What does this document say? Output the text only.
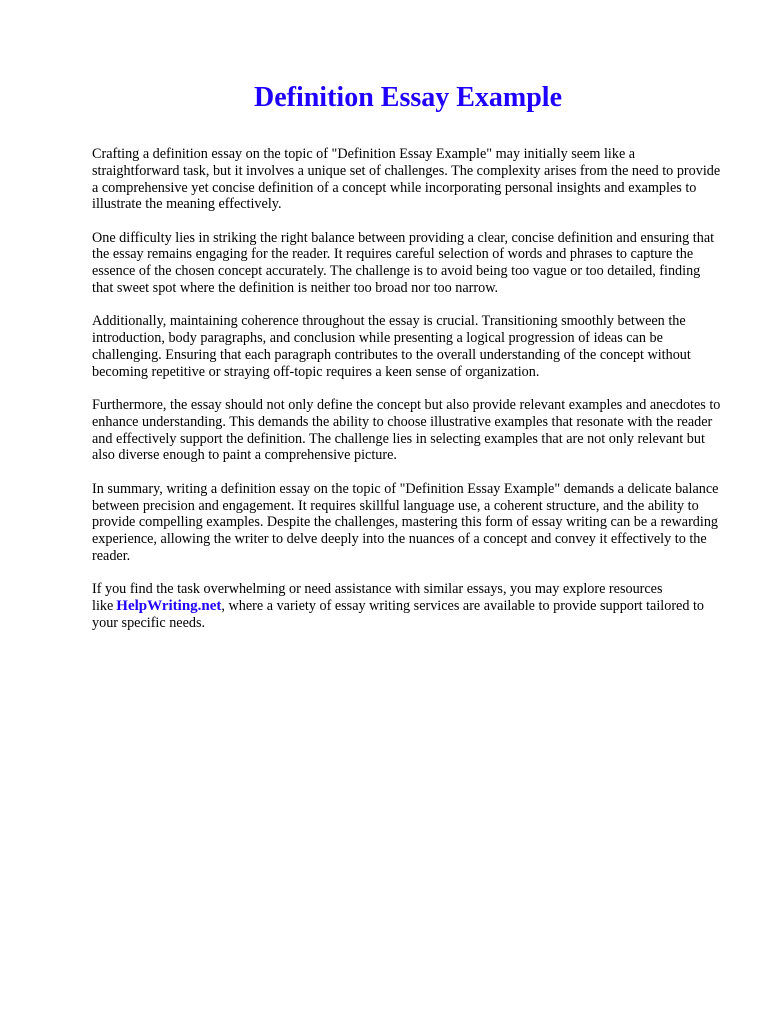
Definition Essay Example

Crafting a definition essay on the topic of "Definition Essay Example" may initially seem like a straightforward task, but it involves a unique set of challenges. The complexity arises from the need to provide a comprehensive yet concise definition of a concept while incorporating personal insights and examples to illustrate the meaning effectively.

One difficulty lies in striking the right balance between providing a clear, concise definition and ensuring that the essay remains engaging for the reader. It requires careful selection of words and phrases to capture the essence of the chosen concept accurately. The challenge is to avoid being too vague or too detailed, finding that sweet spot where the definition is neither too broad nor too narrow.

Additionally, maintaining coherence throughout the essay is crucial. Transitioning smoothly between the introduction, body paragraphs, and conclusion while presenting a logical progression of ideas can be challenging. Ensuring that each paragraph contributes to the overall understanding of the concept without becoming repetitive or straying off-topic requires a keen sense of organization.

Furthermore, the essay should not only define the concept but also provide relevant examples and anecdotes to enhance understanding. This demands the ability to choose illustrative examples that resonate with the reader and effectively support the definition. The challenge lies in selecting examples that are not only relevant but also diverse enough to paint a comprehensive picture.

In summary, writing a definition essay on the topic of "Definition Essay Example" demands a delicate balance between precision and engagement. It requires skillful language use, a coherent structure, and the ability to provide compelling examples. Despite the challenges, mastering this form of essay writing can be a rewarding experience, allowing the writer to delve deeply into the nuances of a concept and convey it effectively to the reader.

If you find the task overwhelming or need assistance with similar essays, you may explore resources like HelpWriting.net, where a variety of essay writing services are available to provide support tailored to your specific needs.
